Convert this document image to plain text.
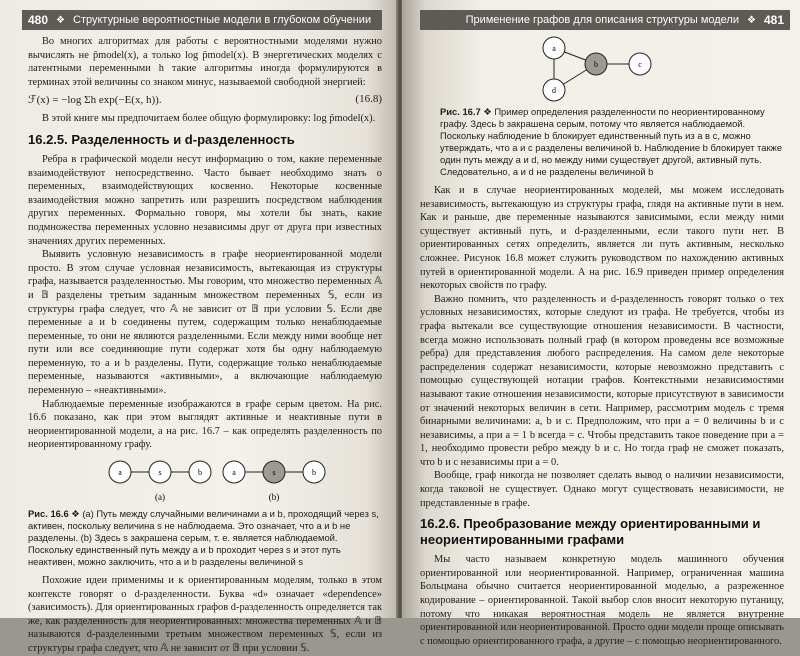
480 ❖ Структурные вероятностные модели в глубоком обучении

Во многих алгоритмах для работы с вероятностными моделями нужно вычислять не p̃model(x), а только log p̃model(x). В энергетических моделях с латентными переменными h такие алгоритмы иногда формулируются в терминах этой величины со знаком минус, называемой свободной энергией:

ℱ(x) = −log Σh exp(−E(x, h)).	(16.8)

В этой книге мы предпочитаем более общую формулировку: log p̃model(x).

16.2.5. Разделенность и d-разделенность

Ребра в графической модели несут информацию о том, какие переменные взаимодействуют непосредственно. Часто бывает необходимо знать о переменных, взаимодействующих косвенно. Некоторые косвенные взаимодействия можно запретить или разрешить посредством наблюдения других переменных. Формально говоря, мы хотели бы знать, какие подмножества переменных условно независимы друг от друга при известных значениях других переменных.

Выявить условную независимость в графе неориентированной модели просто. В этом случае условная независимость, вытекающая из структуры графа, называется разделенностью. Мы говорим, что множество переменных 𝔸 и 𝔹 разделены третьим заданным множеством переменных 𝕊, если из структуры графа следует, что 𝔸 не зависит от 𝔹 при условии 𝕊. Если две переменные a и b соединены путем, содержащим только ненаблюдаемые переменные, то они не являются разделенными. Если между ними вообще нет пути или все соединяющие пути содержат хотя бы одну наблюдаемую переменную, то a и b разделены. Пути, содержащие только ненаблюдаемые переменные, называются «активными», а включающие наблюдаемую переменную – «неактивными».

Наблюдаемые переменные изображаются в графе серым цветом. На рис. 16.6 показано, как при этом выглядят активные и неактивные пути в неориентированной модели, а на рис. 16.7 – как определять разделенность по неориентированному графу.

a	s	b
(a)
a	s	b
(b)

Рис. 16.6 ❖ (a) Путь между случайными величинами a и b, проходящий через s, активен, поскольку величина s не наблюдаема. Это означает, что a и b не разделены. (b) Здесь s закрашена серым, т. е. является наблюдаемой. Поскольку единственный путь между a и b проходит через s и этот путь неактивен, можно заключить, что a и b разделены величиной s

Похожие идеи применимы и к ориентированным моделям, только в этом контексте говорят о d-разделенности. Буква «d» означает «dependence» (зависимость). Для ориентированных графов d-разделенность определяется так же, как разделенность для неориентированных: множества переменных 𝔸 и 𝔹 называются d-разделенными третьим множеством переменных 𝕊, если из структуры графа следует, что 𝔸 не зависит от 𝔹 при условии 𝕊.

Применение графов для описания структуры модели ❖ 481
a
b	c
d

Рис. 16.7 ❖ Пример определения разделенности по неориентированному графу. Здесь b закрашена серым, потому что является наблюдаемой. Поскольку наблюдение b блокирует единственный путь из a в c, можно утверждать, что a и c разделены величиной b. Наблюдение b блокирует также один путь между a и d, но между ними существует другой, активный путь. Следовательно, a и d не разделены величиной b

Как и в случае неориентированных моделей, мы можем исследовать независимость, вытекающую из структуры графа, глядя на активные пути в нем. Как и раньше, две переменные называются зависимыми, если между ними существует активный путь, и d-разделенными, если такого пути нет. В ориентированных сетях определить, является ли путь активным, несколько сложнее. Рисунок 16.8 может служить руководством по нахождению активных путей в ориентированной модели. А на рис. 16.9 приведен пример определения некоторых свойств по графу.

Важно помнить, что разделенность и d-разделенность говорят только о тех условных независимостях, которые следуют из графа. Не требуется, чтобы из графа вытекали все существующие отношения независимости. В частности, всегда можно использовать полный граф (в котором проведены все возможные ребра) для представления любого распределения. На самом деле некоторые распределения содержат независимости, которые невозможно представить с помощью существующей нотации графов. Контекстными независимостями называют такие отношения независимости, которые присутствуют в зависимости от значений некоторых величин в сети. Например, рассмотрим модель с тремя бинарными величинами: a, b и c. Предположим, что при a = 0 величины b и c независимы, а при a = 1 b всегда = c. Чтобы представить такое поведение при a = 1, необходимо провести ребро между b и c. Но тогда граф не сможет показать, что b и c независимы при a = 0.

Вообще, граф никогда не позволяет сделать вывод о наличии независимости, когда таковой не существует. Однако могут существовать независимости, не представленные в графе.

16.2.6. Преобразование между ориентированными и неориентированными графами

Мы часто называем конкретную модель машинного обучения ориентированной или неориентированной. Например, ограниченная машина Больцмана обычно считается неориентированной моделью, а разреженное кодирование – ориентированной. Такой выбор слов вносит некоторую путаницу, потому что никакая вероятностная модель не является внутренне ориентированной или неориентированной. Просто одни модели проще описывать с помощью ориентированного графа, а другие – с помощью неориентированного.
